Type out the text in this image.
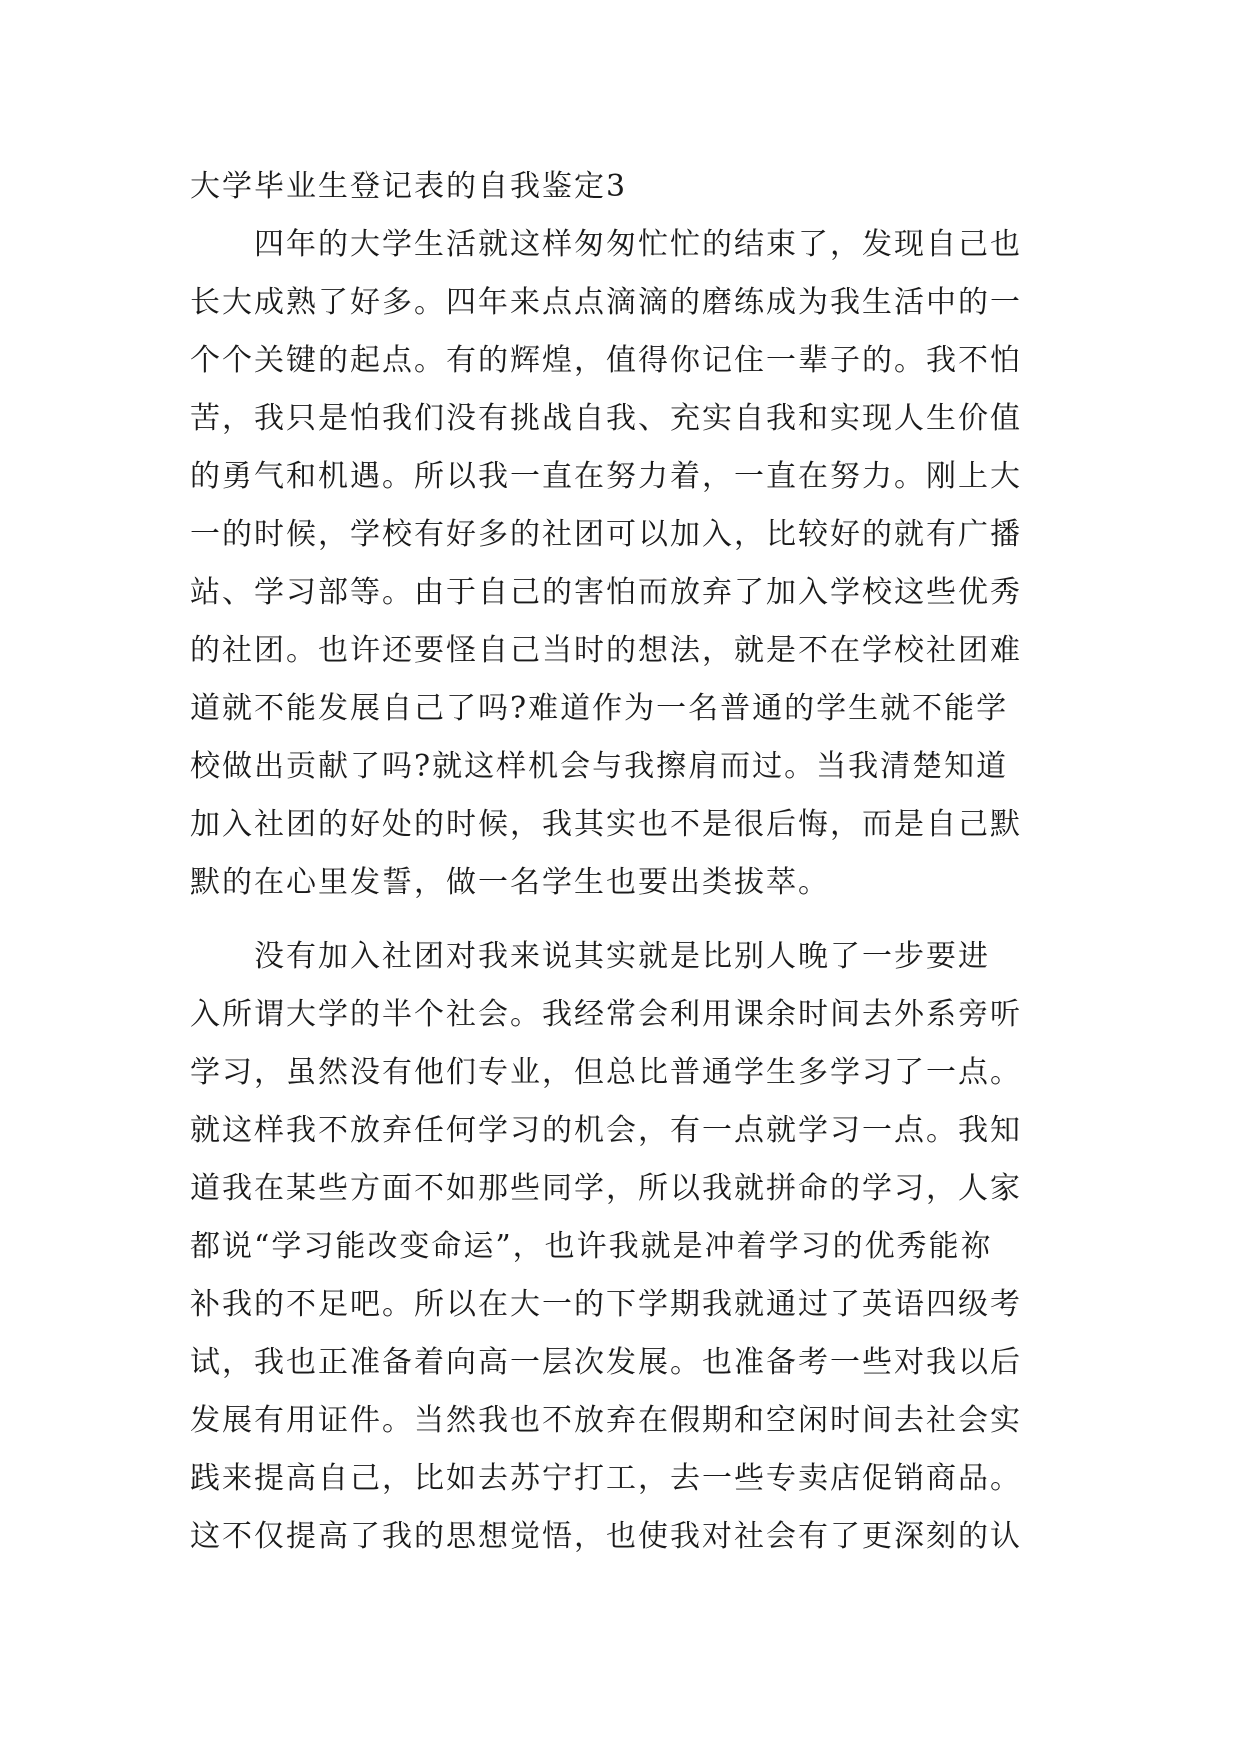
大学毕业生登记表的自我鉴定3
四年的大学生活就这样匆匆忙忙的结束了，发现自己也
长大成熟了好多。四年来点点滴滴的磨练成为我生活中的一
个个关键的起点。有的辉煌，值得你记住一辈子的。我不怕
苦，我只是怕我们没有挑战自我、充实自我和实现人生价值
的勇气和机遇。所以我一直在努力着，一直在努力。刚上大
一的时候，学校有好多的社团可以加入，比较好的就有广播
站、学习部等。由于自己的害怕而放弃了加入学校这些优秀
的社团。也许还要怪自己当时的想法，就是不在学校社团难
道就不能发展自己了吗?难道作为一名普通的学生就不能学
校做出贡献了吗?就这样机会与我擦肩而过。当我清楚知道
加入社团的好处的时候，我其实也不是很后悔，而是自己默
默的在心里发誓，做一名学生也要出类拔萃。
没有加入社团对我来说其实就是比别人晚了一步要进
入所谓大学的半个社会。我经常会利用课余时间去外系旁听
学习，虽然没有他们专业，但总比普通学生多学习了一点。
就这样我不放弃任何学习的机会，有一点就学习一点。我知
道我在某些方面不如那些同学，所以我就拼命的学习，人家
都说“学习能改变命运”，也许我就是冲着学习的优秀能祢
补我的不足吧。所以在大一的下学期我就通过了英语四级考
试，我也正准备着向高一层次发展。也准备考一些对我以后
发展有用证件。当然我也不放弃在假期和空闲时间去社会实
践来提高自己，比如去苏宁打工，去一些专卖店促销商品。
这不仅提高了我的思想觉悟，也使我对社会有了更深刻的认
